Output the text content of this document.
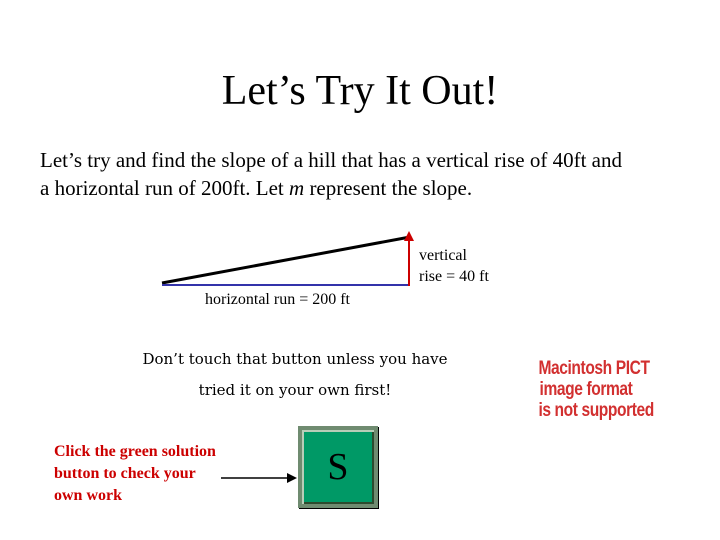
Let’s Try It Out!
Let’s try and find the slope of a hill that has a vertical rise of 40ft and
a horizontal run of 200ft. Let m represent the slope.
vertical
rise = 40 ft
horizontal run = 200 ft
Don’t touch that button unless you have
tried it on your own first!
Click the green solution
button to check your
own work
S
Macintosh PICT
image format
is not supported
